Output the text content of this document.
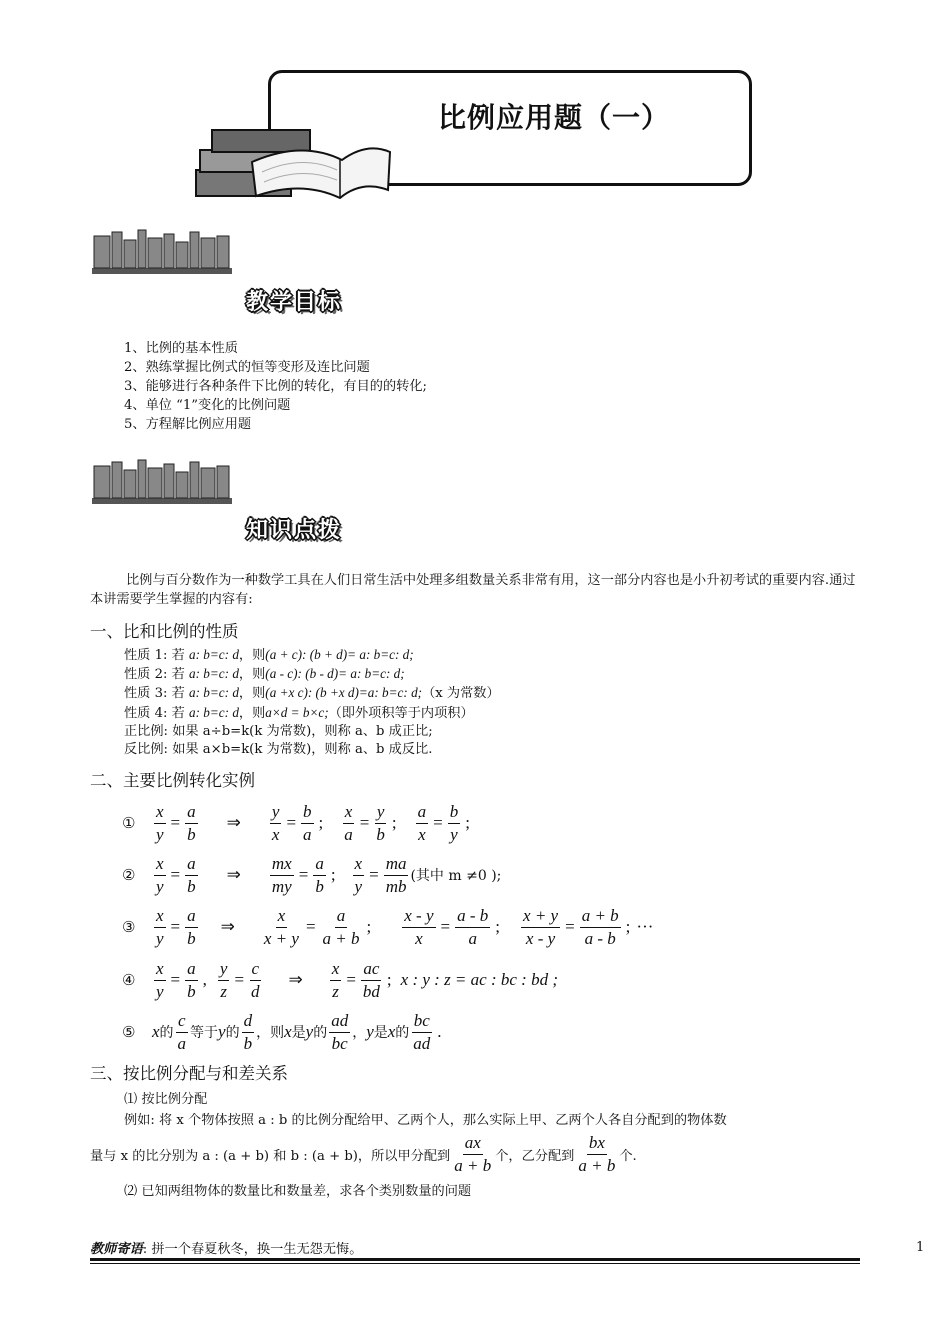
比例应用题（一）
教学目标
1、比例的基本性质
2、熟练掌握比例式的恒等变形及连比问题
3、能够进行各种条件下比例的转化，有目的的转化;
4、单位 “1”变化的比例问题
5、方程解比例应用题
知识点拨
比例与百分数作为一种数学工具在人们日常生活中处理多组数量关系非常有用，这一部分内容也是小升初考试的重要内容.通过本讲需要学生掌握的内容有:
一、比和比例的性质
性质 1: 若 a: b=c: d，则(a + c): (b + d)= a: b=c: d;
性质 2: 若 a: b=c: d，则(a - c): (b - d)= a: b=c: d;
性质 3: 若 a: b=c: d，则(a +x c): (b +x d)=a: b=c: d;（x 为常数）
性质 4: 若 a: b=c: d，则a×d = b×c;（即外项积等于内项积）
正比例: 如果 a÷b=k(k 为常数)，则称 a、b 成正比;
反比例: 如果 a×b=k(k 为常数)，则称 a、b 成反比.
二、主要比例转化实例
①	$\frac{x}{y} = \frac{a}{b}$ ⇒ $\frac{y}{x} = \frac{b}{a}$ ; $\frac{x}{a} = \frac{y}{b}$ ; $\frac{a}{x} = \frac{b}{y}$ ;
②	$\frac{x}{y} = \frac{a}{b}$ ⇒ $\frac{mx}{my} = \frac{a}{b}$ ; $\frac{x}{y} = \frac{ma}{mb}$ (其中 m ≠0 );
③	$\frac{x}{y} = \frac{a}{b}$ ⇒ $\frac{x}{x + y} = \frac{a}{a + b}$ ; $\frac{x - y}{x} = \frac{a - b}{a}$ ; $\frac{x + y}{x - y} = \frac{a + b}{a - b}$ ; ···
④	$\frac{x}{y} = \frac{a}{b}$ , $\frac{y}{z} = \frac{c}{d}$ ⇒ $\frac{x}{z} = \frac{ac}{bd}$ ; x : y : z = ac : bc : bd ;
⑤ x 的 $\frac{c}{a}$ 等于 y 的 $\frac{d}{b}$ ，则 x 是 y 的 $\frac{ad}{bc}$ ， y 是 x 的 $\frac{bc}{ad}$ .
三、按比例分配与和差关系
⑴ 按比例分配
例如: 将 x 个物体按照 a : b 的比例分配给甲、乙两个人，那么实际上甲、乙两个人各自分配到的物体数
量与 x 的比分别为 a : (a + b) 和 b : (a + b)，所以甲分配到 $\frac{ax}{a + b}$ 个，乙分配到 $\frac{bx}{a + b}$ 个.
⑵ 已知两组物体的数量比和数量差，求各个类别数量的问题
教师寄语: 拼一个春夏秋冬，换一生无怨无悔。	1
